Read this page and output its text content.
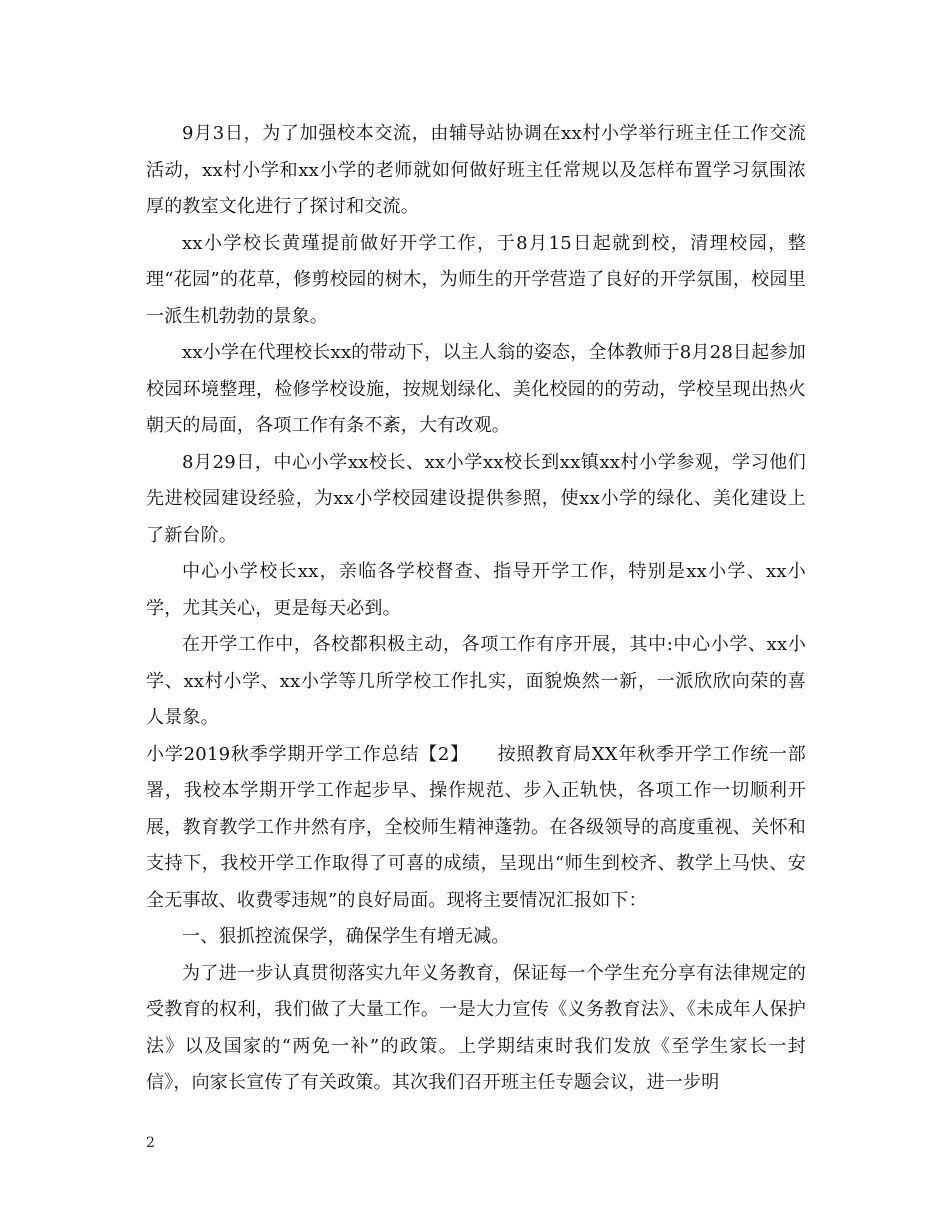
9月3日，为了加强校本交流，由辅导站协调在xx村小学举行班主任工作交流活动，xx村小学和xx小学的老师就如何做好班主任常规以及怎样布置学习氛围浓厚的教室文化进行了探讨和交流。

xx小学校长黄瑾提前做好开学工作，于8月15日起就到校，清理校园，整理“花园”的花草，修剪校园的树木，为师生的开学营造了良好的开学氛围，校园里一派生机勃勃的景象。

xx小学在代理校长xx的带动下，以主人翁的姿态，全体教师于8月28日起参加校园环境整理，检修学校设施，按规划绿化、美化校园的的劳动，学校呈现出热火朝天的局面，各项工作有条不紊，大有改观。

8月29日，中心小学xx校长、xx小学xx校长到xx镇xx村小学参观，学习他们先进校园建设经验，为xx小学校园建设提供参照，使xx小学的绿化、美化建设上了新台阶。

中心小学校长xx，亲临各学校督查、指导开学工作，特别是xx小学、xx小学，尤其关心，更是每天必到。

在开学工作中，各校都积极主动，各项工作有序开展，其中:中心小学、xx小学、xx村小学、xx小学等几所学校工作扎实，面貌焕然一新，一派欣欣向荣的喜人景象。

小学2019秋季学期开学工作总结【2】　　按照教育局XX年秋季开学工作统一部署，我校本学期开学工作起步早、操作规范、步入正轨快，各项工作一切顺利开展，教育教学工作井然有序，全校师生精神蓬勃。在各级领导的高度重视、关怀和支持下，我校开学工作取得了可喜的成绩，呈现出“师生到校齐、教学上马快、安全无事故、收费零违规”的良好局面。现将主要情况汇报如下：

一、狠抓控流保学，确保学生有增无减。

为了进一步认真贯彻落实九年义务教育，保证每一个学生充分享有法律规定的受教育的权利，我们做了大量工作。一是大力宣传《义务教育法》、《未成年人保护法》以及国家的“两免一补”的政策。上学期结束时我们发放《至学生家长一封信》，向家长宣传了有关政策。其次我们召开班主任专题会议，进一步明

2
